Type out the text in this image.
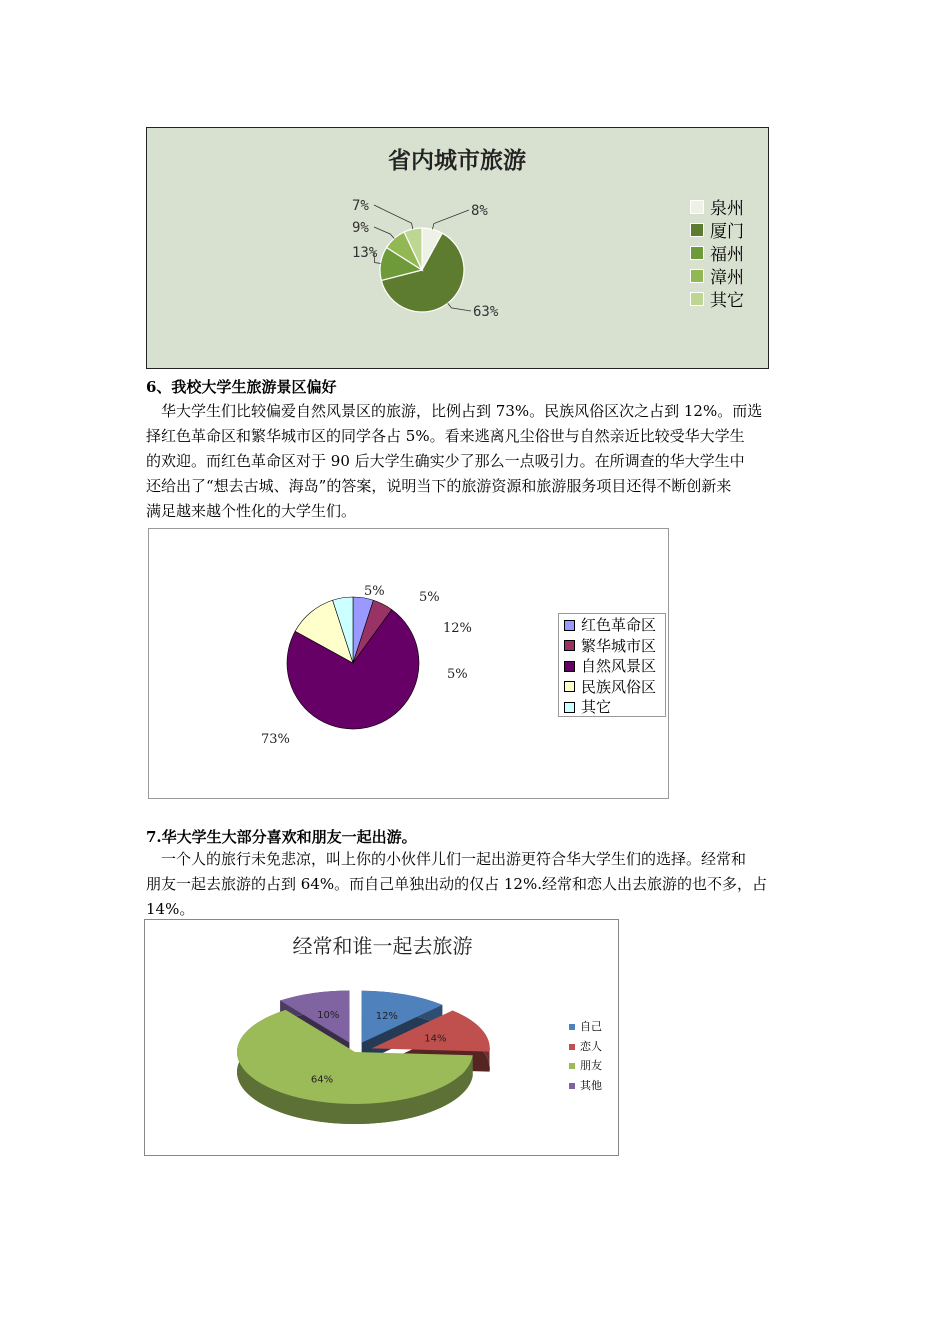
省内城市旅游
8%
63%
13%
9%
7%	泉州
厦门
福州
漳州
其它
6、我校大学生旅游景区偏好
华大学生们比较偏爱自然风景区的旅游，比例占到 73%。民族风俗区次之占到 12%。而选
择红色革命区和繁华城市区的同学各占 5%。看来逃离凡尘俗世与自然亲近比较受华大学生
的欢迎。而红色革命区对于 90 后大学生确实少了那么一点吸引力。在所调查的华大学生中
还给出了“想去古城、海岛”的答案，说明当下的旅游资源和旅游服务项目还得不断创新来
满足越来越个性化的大学生们。
5%	5%
73%
12%
5%
红色革命区
繁华城市区
自然风景区
民族风俗区
其它
7.华大学生大部分喜欢和朋友一起出游。
一个人的旅行未免悲凉，叫上你的小伙伴儿们一起出游更符合华大学生们的选择。经常和
朋友一起去旅游的占到 64%。而自己单独出动的仅占 12%.经常和恋人出去旅游的也不多，占
14%。
经常和谁一起去旅游
12%
14%
64%
10%
自己
恋人
朋友
其他
